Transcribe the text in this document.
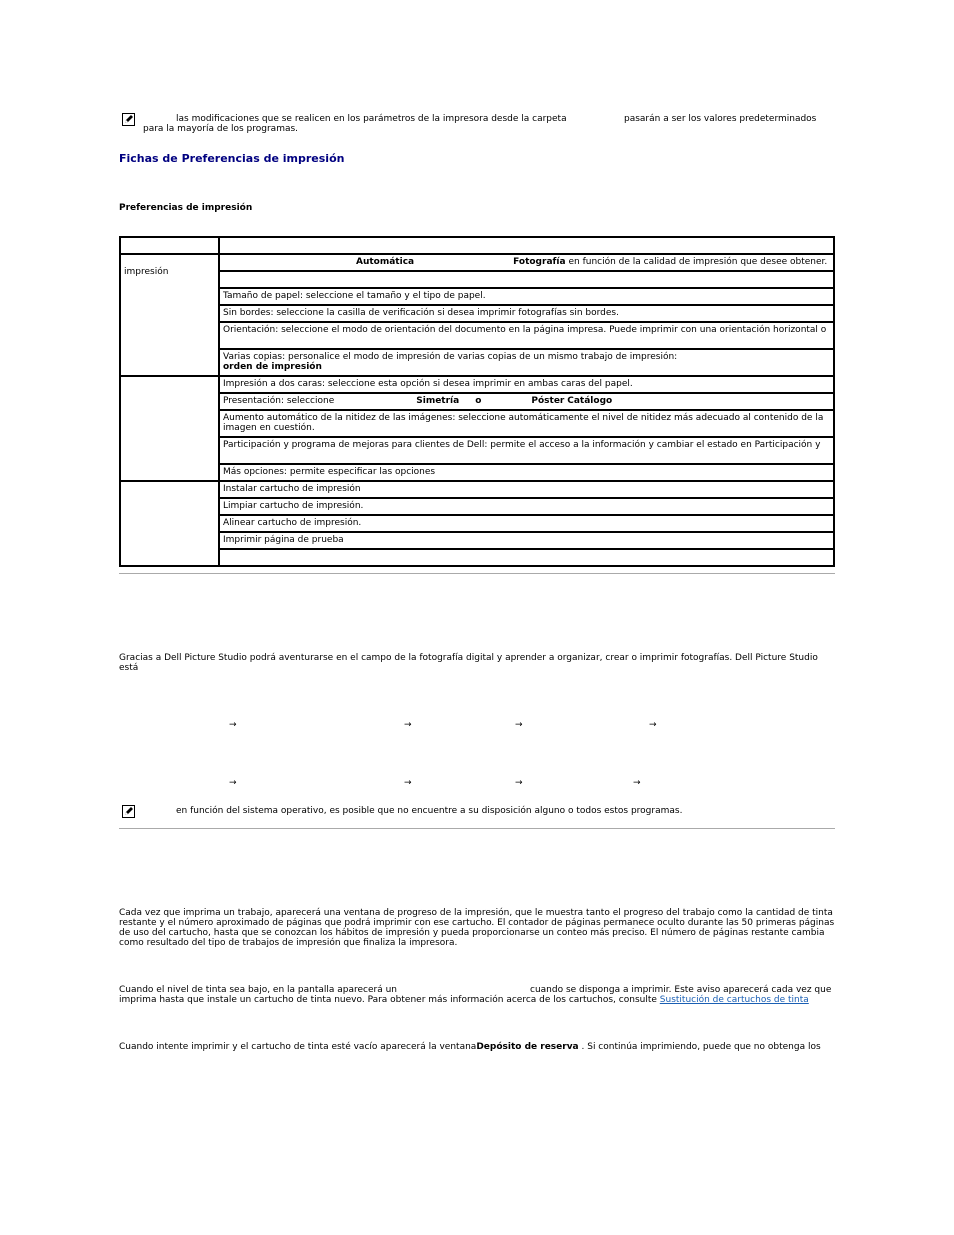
las modificaciones que se realicen en los parámetros de la impresora desde la carpeta	pasarán a ser los valores predeterminados
para la mayoría de los programas.
Fichas de Preferencias de impresión
Preferencias de impresión

impresión	Automática Fotografía en función de la calidad de impresión que desee obtener.

	Tamaño de papel: seleccione el tamaño y el tipo de papel.
	Sin bordes: seleccione la casilla de verificación si desea imprimir fotografías sin bordes.
	Orientación: seleccione el modo de orientación del documento en la página impresa. Puede imprimir con una orientación horizontal o
	Varias copias: personalice el modo de impresión de varias copias de un mismo trabajo de impresión:
orden de impresión
	Impresión a dos caras: seleccione esta opción si desea imprimir en ambas caras del papel.
	Presentación: seleccione Simetría o Póster Catálogo
	Aumento automático de la nitidez de las imágenes: seleccione automáticamente el nivel de nitidez más adecuado al contenido de la imagen en cuestión.
	Participación y programa de mejoras para clientes de Dell: permite el acceso a la información y cambiar el estado en Participación y
	Más opciones: permite especificar las opciones
	Instalar cartucho de impresión
	Limpiar cartucho de impresión.
	Alinear cartucho de impresión.
	Imprimir página de prueba

Gracias a Dell Picture Studio podrá aventurarse en el campo de la fotografía digital y aprender a organizar, crear o imprimir fotografías. Dell Picture Studio está
→	→	→	→
→	→	→	→
en función del sistema operativo, es posible que no encuentre a su disposición alguno o todos estos programas.
Cada vez que imprima un trabajo, aparecerá una ventana de progreso de la impresión, que le muestra tanto el progreso del trabajo como la cantidad de tinta restante y el número aproximado de páginas que podrá imprimir con ese cartucho. El contador de páginas permanece oculto durante las 50 primeras páginas de uso del cartucho, hasta que se conozcan los hábitos de impresión y pueda proporcionarse un conteo más preciso. El número de páginas restante cambia como resultado del tipo de trabajos de impresión que finaliza la impresora.
Cuando el nivel de tinta sea bajo, en la pantalla aparecerá un	cuando se disponga a imprimir. Este aviso aparecerá cada vez que imprima hasta que instale un cartucho de tinta nuevo. Para obtener más información acerca de los cartuchos, consulte Sustitución de cartuchos de tinta
Cuando intente imprimir y el cartucho de tinta esté vacío aparecerá la ventanaDepósito de reserva . Si continúa imprimiendo, puede que no obtenga los
